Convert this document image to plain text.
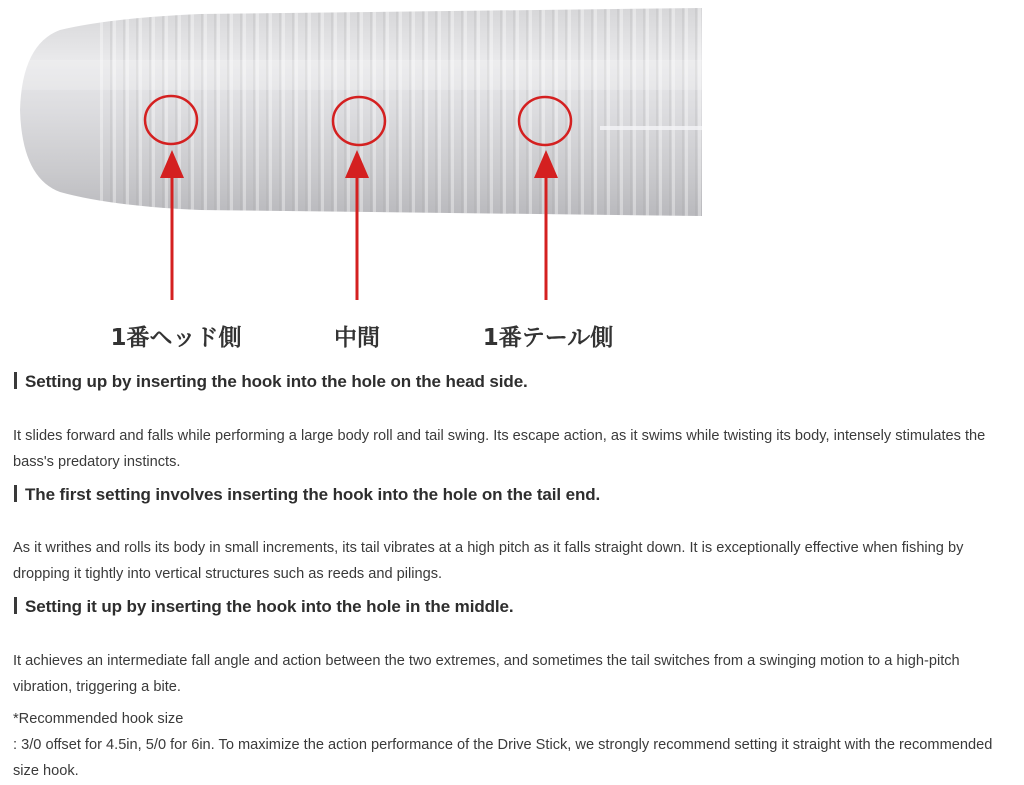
1番ヘッド側	中間	1番テール側
Setting up by inserting the hook into the hole on the head side.
It slides forward and falls while performing a large body roll and tail swing. Its escape action, as it swims while twisting its body, intensely stimulates the bass's predatory instincts.
The first setting involves inserting the hook into the hole on the tail end.
As it writhes and rolls its body in small increments, its tail vibrates at a high pitch as it falls straight down. It is exceptionally effective when fishing by dropping it tightly into vertical structures such as reeds and pilings.
Setting it up by inserting the hook into the hole in the middle.
It achieves an intermediate fall angle and action between the two extremes, and sometimes the tail switches from a swinging motion to a high-pitch vibration, triggering a bite.
*Recommended hook size
: 3/0 offset for 4.5in, 5/0 for 6in. To maximize the action performance of the Drive Stick, we strongly recommend setting it straight with the recommended size hook.
